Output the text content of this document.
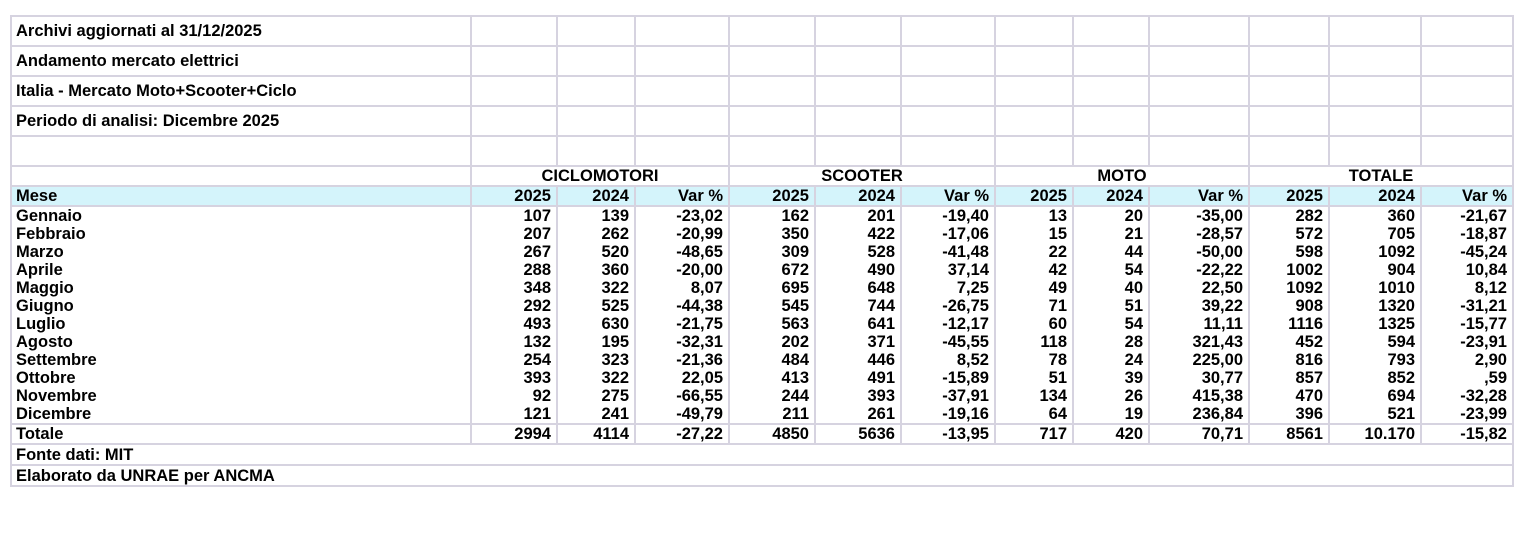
Archivi aggiornati al 31/12/2025												
Andamento mercato elettrici												
Italia - Mercato Moto+Scooter+Ciclo												
Periodo di analisi: Dicembre 2025												

	CICLOMOTORI			SCOOTER			MOTO			TOTALE		
Mese	2025	2024	Var %	2025	2024	Var %	2025	2024	Var %	2025	2024	Var %
Gennaio	107	139	-23,02	162	201	-19,40	13	20	-35,00	282	360	-21,67
Febbraio	207	262	-20,99	350	422	-17,06	15	21	-28,57	572	705	-18,87
Marzo	267	520	-48,65	309	528	-41,48	22	44	-50,00	598	1092	-45,24
Aprile	288	360	-20,00	672	490	37,14	42	54	-22,22	1002	904	10,84
Maggio	348	322	8,07	695	648	7,25	49	40	22,50	1092	1010	8,12
Giugno	292	525	-44,38	545	744	-26,75	71	51	39,22	908	1320	-31,21
Luglio	493	630	-21,75	563	641	-12,17	60	54	11,11	1116	1325	-15,77
Agosto	132	195	-32,31	202	371	-45,55	118	28	321,43	452	594	-23,91
Settembre	254	323	-21,36	484	446	8,52	78	24	225,00	816	793	2,90
Ottobre	393	322	22,05	413	491	-15,89	51	39	30,77	857	852	,59
Novembre	92	275	-66,55	244	393	-37,91	134	26	415,38	470	694	-32,28
Dicembre	121	241	-49,79	211	261	-19,16	64	19	236,84	396	521	-23,99
Totale	2994	4114	-27,22	4850	5636	-13,95	717	420	70,71	8561	10.170	-15,82
Fonte dati: MIT												
Elaborato da UNRAE per ANCMA												
